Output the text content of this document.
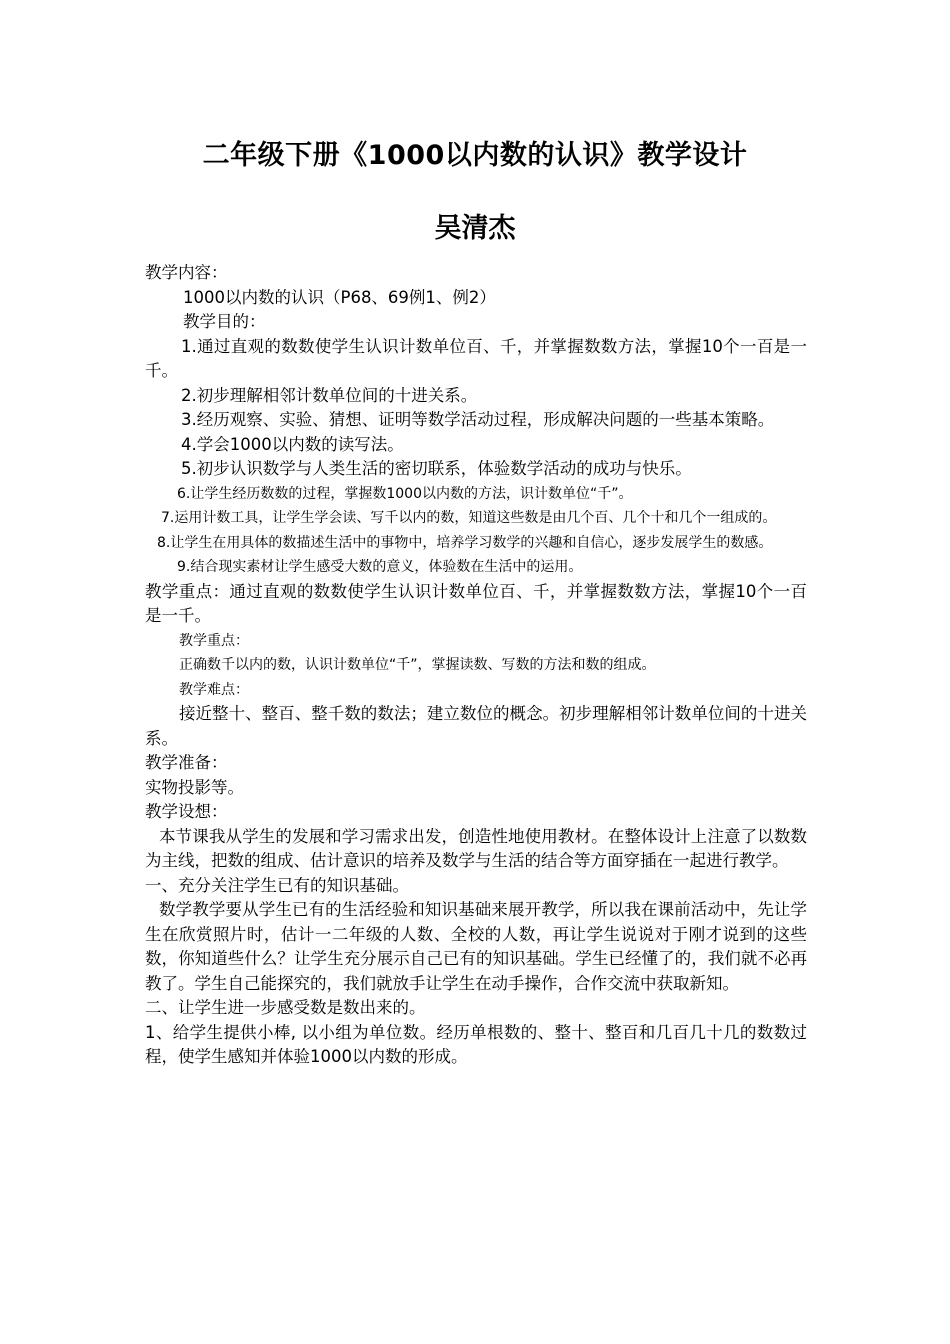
二年级下册《1000以内数的认识》教学设计
吴清杰

教学内容：

1000以内数的认识（P68、69例1、例2）

教学目的：

1.通过直观的数数使学生认识计数单位百、千，并掌握数数方法，掌握10个一百是一千。

2.初步理解相邻计数单位间的十进关系。

3.经历观察、实验、猜想、证明等数学活动过程，形成解决问题的一些基本策略。

4.学会1000以内数的读写法。

5.初步认识数学与人类生活的密切联系，体验数学活动的成功与快乐。

6.让学生经历数数的过程，掌握数1000以内数的方法，识计数单位“千”。

7.运用计数工具，让学生学会读、写千以内的数，知道这些数是由几个百、几个十和几个一组成的。

8.让学生在用具体的数描述生活中的事物中，培养学习数学的兴趣和自信心，逐步发展学生的数感。

9.结合现实素材让学生感受大数的意义，体验数在生活中的运用。

教学重点：通过直观的数数使学生认识计数单位百、千，并掌握数数方法，掌握10个一百是一千。

教学重点：

正确数千以内的数，认识计数单位“千”，掌握读数、写数的方法和数的组成。

教学难点：

接近整十、整百、整千数的数法；建立数位的概念。初步理解相邻计数单位间的十进关系。

教学准备：

实物投影等。

教学设想：

本节课我从学生的发展和学习需求出发，创造性地使用教材。在整体设计上注意了以数数为主线，把数的组成、估计意识的培养及数学与生活的结合等方面穿插在一起进行教学。

一、充分关注学生已有的知识基础。

数学教学要从学生已有的生活经验和知识基础来展开教学，所以我在课前活动中，先让学生在欣赏照片时，估计一二年级的人数、全校的人数，再让学生说说对于刚才说到的这些数，你知道些什么？让学生充分展示自己已有的知识基础。学生已经懂了的，我们就不必再教了。学生自己能探究的，我们就放手让学生在动手操作，合作交流中获取新知。

二、让学生进一步感受数是数出来的。

1、给学生提供小棒, 以小组为单位数。经历单根数的、整十、整百和几百几十几的数数过程，使学生感知并体验1000以内数的形成。
